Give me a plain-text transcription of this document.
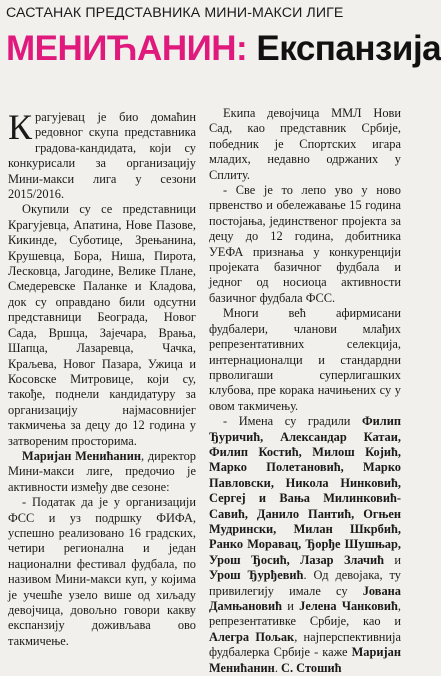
САСТАНАК ПРЕДСТАВНИКА МИНИ-МАКСИ ЛИГЕ
МЕНИЋАНИН: Експанзија

Крагујевац је био домаћин редовног скупа представника градова-кандидата, који су конкурисали за организацију Мини-макси лига у сезони 2015/2016.

Окупили су се представници Крагујевца, Апатина, Нове Пазове, Кикинде, Суботице, Зрењанина, Крушевца, Бора, Ниша, Пирота, Лесковца, Јагодине, Велике Плане, Смедеревске Паланке и Кладова, док су оправдано били одсутни представници Београда, Новог Сада, Вршца, Зајечара, Врања, Шапца, Лазаревца, Чачка, Краљева, Новог Пазара, Ужица и Косовске Митровице, који су, такође, поднели кандидатуру за организацију најмасовнијег такмичења за децу до 12 година у затвореним просторима.

Маријан Менићанин, директор Мини-макси лиге, предочио је активности између две сезоне:

- Податак да је у организацији ФСС и уз подршку ФИФА, успешно реализовано 16 градских, четири регионална и један национални фестивал фудбала, по називом Мини-макси куп, у којима је учешће узело више од хиљаду девојчица, довољно говори какву експанзију доживљава ово такмичење.

Екипа девојчица ММЛ Нови Сад, као представник Србије, победник је Спортских игара младих, недавно одржаних у Сплиту.

- Све је то лепо уво у ново првенство и обележавање 15 година постојања, јединственог пројекта за децу до 12 година, добитника УЕФА признања у конкуренцији пројеката базичног фудбала и једног од носиоца активности базичног фудбала ФСС.

Многи већ афирмисани фудбалери, чланови млађих репрезентативних селекција, интернационалци и стандардни прволигаши суперлигашких клубова, пре корака начињених су у овом такмичењу.

- Имена су градили Филип Ђуричић, Александар Катаи, Филип Костић, Милош Којић, Марко Полетановић, Марко Павловски, Никола Нинковић, Сергеј и Вања Милинковић-Савић, Данило Пантић, Огњен Мудрински, Милан Шкрбић, Ранко Моравац, Ђорђе Шушњар, Урош Ђосић, Лазар Злачић и Урош Ђурђевић. Од девојака, ту привилегију имале су Јована Дамњановић и Јелена Чанковић, репрезентативке Србије, као и Алегра Пољак, најперспективнија фудбалерка Србије - каже Маријан Менићанин. С. Стошић
